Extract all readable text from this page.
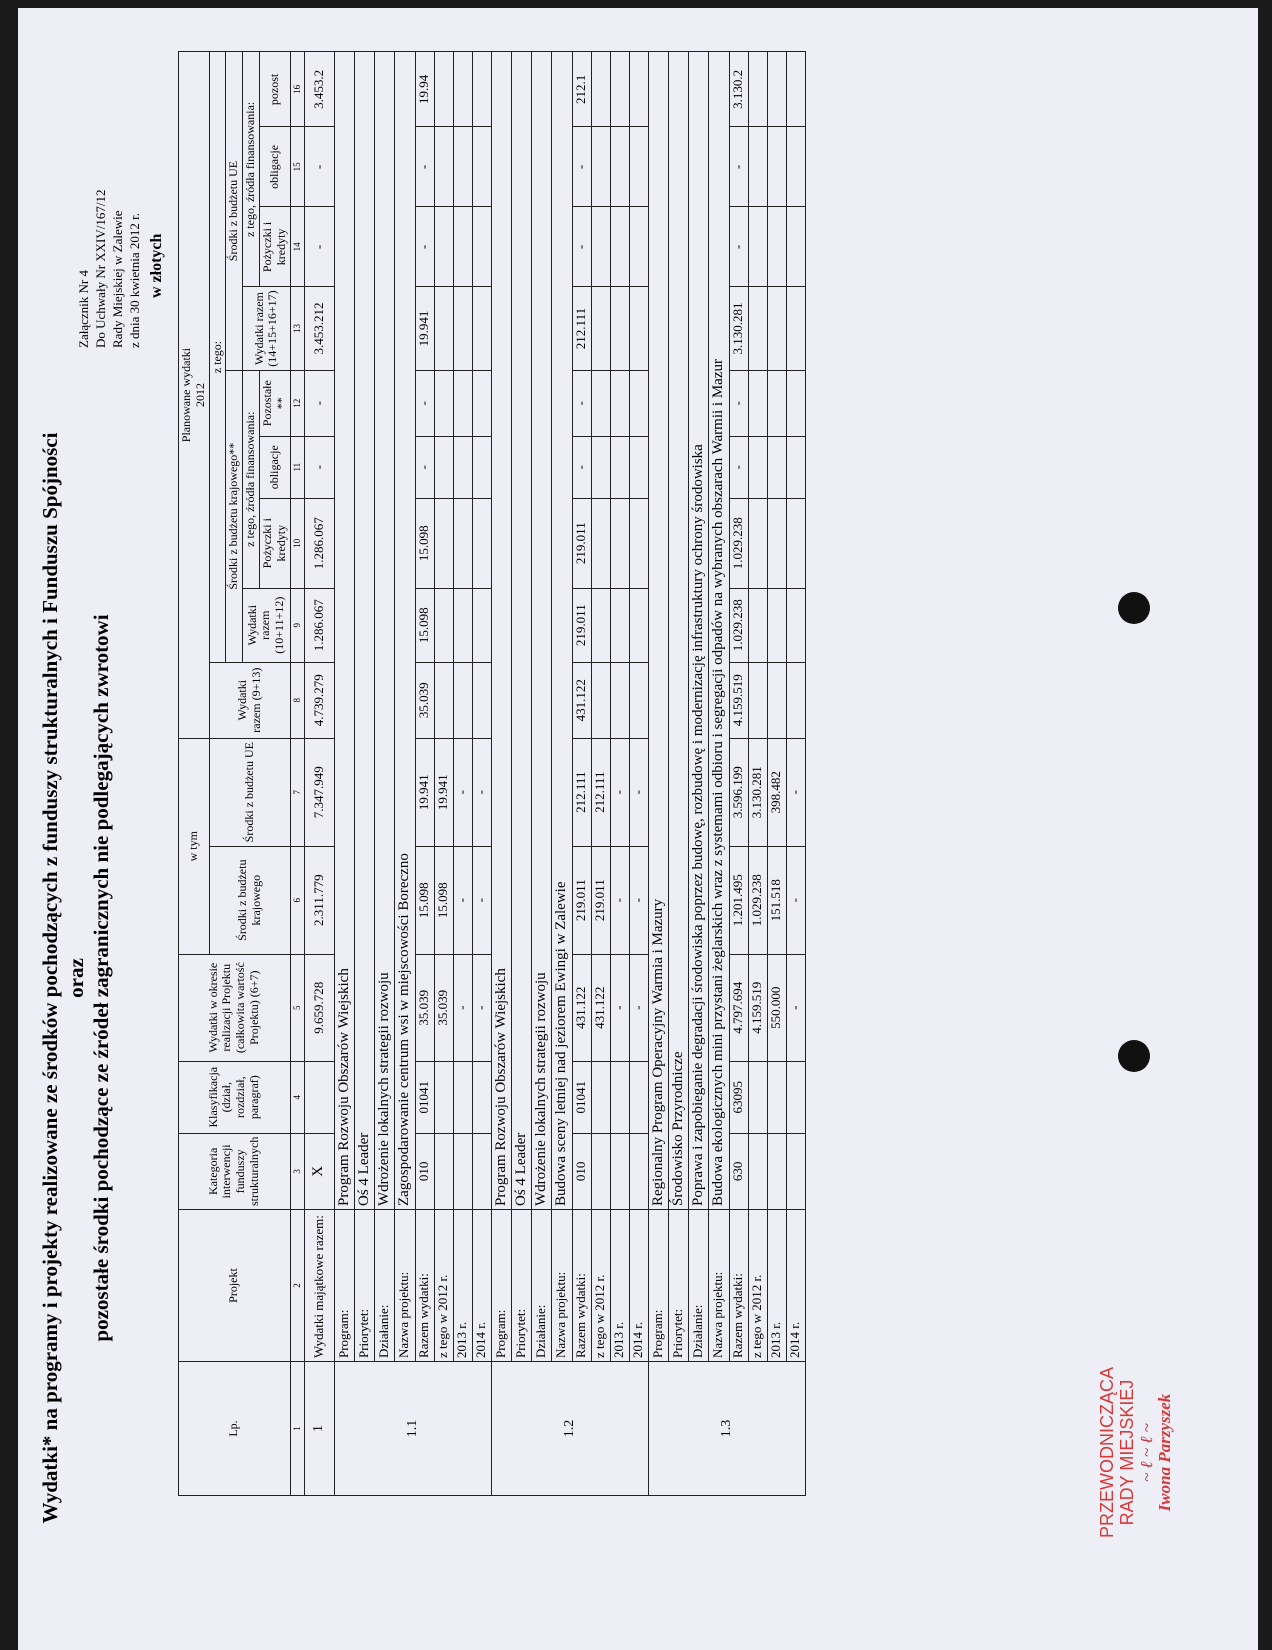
Wydatki* na programy i projekty realizowane ze środków pochodzących z funduszy strukturalnych i Funduszu Spójności oraz pozostałe środki pochodzące ze źródeł zagranicznych nie podlegających zwrotowi
Załącznik Nr 4 Do Uchwały Nr XXIV/167/12 Rady Miejskiej w Zalewie z dnia 30 kwietnia 2012 r. w złotych
Lp.	Projekt	Kategoria interwencji funduszy strukturalnych	Klasyfikacja (dział, rozdział, paragraf)	Wydatki w okresie realizacji Projektu (całkowita wartość Projektu) (6+7)	w tym		Planowane wydatki 2012								

					Środki z budżetu krajowego	Środki z budżetu UE	Wydatki razem (9+13)	z tego:							
								Środki z budżetu krajowego**				Środki z budżetu UE			
								Wydatki razem (10+11+12)	z tego, źródła finansowania:			Wydatki razem (14+15+16+17)	z tego, źródła finansowania:		
									Pożyczki i kredyty	obligacje	Pozostałe **		Pożyczki i kredyty	obligacje	pozost
1	2	3	4	5	6	7	8	9	10	11	12	13	14	15	16
1	Wydatki majątkowe razem:	X		9.659.728	2.311.779	7.347.949	4.739.279	1.286.067	1.286.067	-	-	3.453.212	-	-	3.453.2
1.1	Program:	Program Rozwoju Obszarów Wiejskich													
	Priorytet:	Oś 4 Leader													
	Działanie:	Wdrożenie lokalnych strategii rozwoju													
	Nazwa projektu:	Zagospodarowanie centrum wsi w miejscowości Boreczno													
	Razem wydatki:	010	01041	35.039	15.098	19.941	35.039	15.098	15.098	-	-	19.941	-	-	19.94
	z tego w 2012 r.			35.039	15.098	19.941									
	2013 r.			-	-	-									
	2014 r.			-	-	-									
1.2	Program:	Program Rozwoju Obszarów Wiejskich													
	Priorytet:	Oś 4 Leader													
	Działanie:	Wdrożenie lokalnych strategii rozwoju													
	Nazwa projektu:	Budowa sceny letniej nad jeziorem Ewingi w Zalewie													
	Razem wydatki:	010	01041	431.122	219.011	212.111	431.122	219.011	219.011	-	-	212.111	-	-	212.1
	z tego w 2012 r.			431.122	219.011	212.111									
	2013 r.			-	-	-									
	2014 r.			-	-	-									
1.3	Program:	Regionalny Program Operacyjny Warmia i Mazury													
	Priorytet:	Środowisko Przyrodnicze													
	Działanie:	Poprawa i zapobieganie degradacji środowiska poprzez budowę, rozbudowę i modernizację infrastruktury ochrony środowiska													
	Nazwa projektu:	Budowa ekologicznych mini przystani żeglarskich wraz z systemami odbioru i segregacji odpadów na wybranych obszarach Warmii i Mazur													
	Razem wydatki:	630	63095	4.797.694	1.201.495	3.596.199	4.159.519	1.029.238	1.029.238	-	-	3.130.281	-	-	3.130.2
	z tego w 2012 r.			4.159.519	1.029.238	3.130.281									
	2013 r.			550.000	151.518	398.482									
	2014 r.			-	-	-									
PRZEWODNICZĄCA RADY MIEJSKIEJ ~ ℓ ~ ℓ ~ Iwona Parzyszek
